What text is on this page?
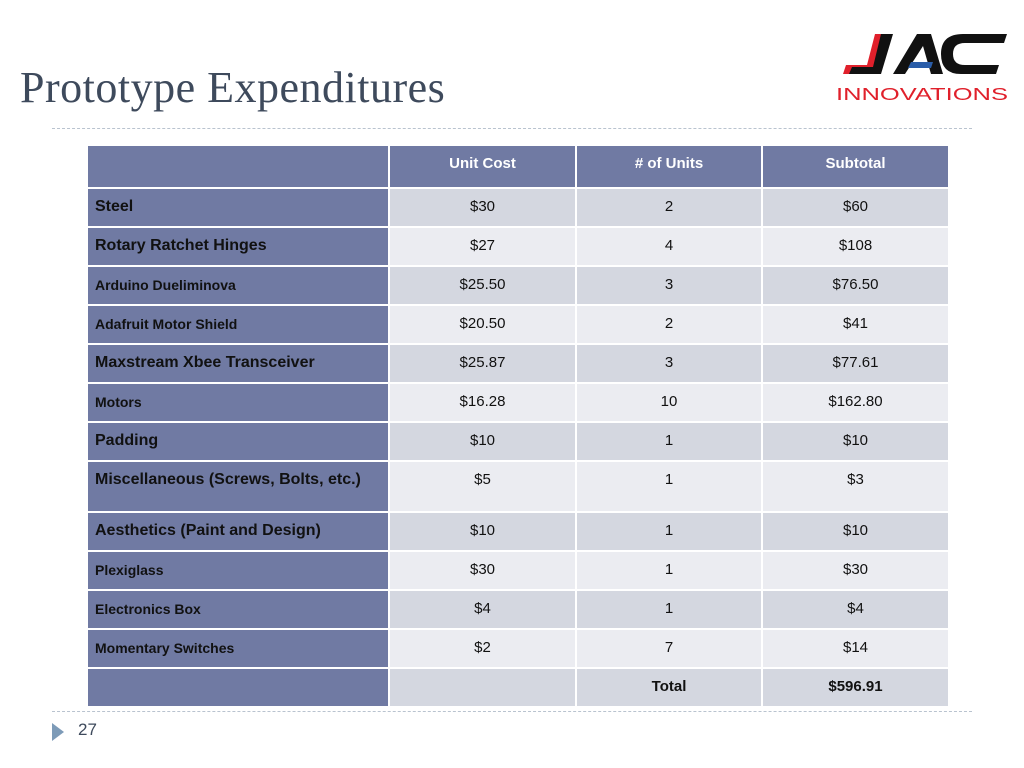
Prototype Expenditures	INNOVATIONS
	Unit Cost	# of Units	Subtotal
Steel	$30	2	$60
Rotary Ratchet Hinges	$27	4	$108
Arduino Dueliminova	$25.50	3	$76.50
Adafruit Motor Shield	$20.50	2	$41
Maxstream Xbee Transceiver	$25.87	3	$77.61
Motors	$16.28	10	$162.80
Padding	$10	1	$10
Miscellaneous (Screws, Bolts, etc.)	$5	1	$3
Aesthetics (Paint and Design)	$10	1	$10
Plexiglass	$30	1	$30
Electronics Box	$4	1	$4
Momentary Switches	$2	7	$14
		Total	$596.91
27
